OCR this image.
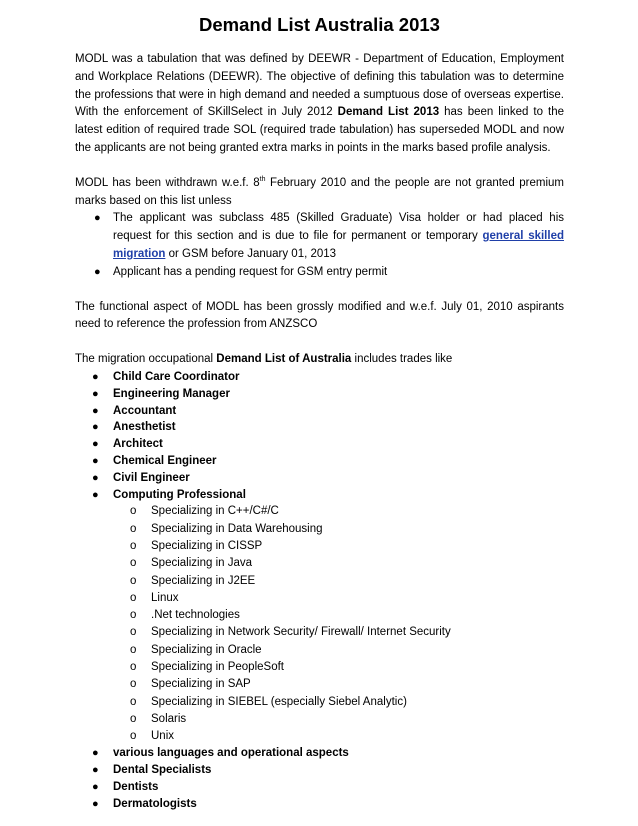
Demand List Australia 2013

MODL was a tabulation that was defined by DEEWR - Department of Education, Employment and Workplace Relations (DEEWR). The objective of defining this tabulation was to determine the professions that were in high demand and needed a sumptuous dose of overseas expertise. With the enforcement of SKillSelect in July 2012 Demand List 2013 has been linked to the latest edition of required trade SOL (required trade tabulation) has superseded MODL and now the applicants are not being granted extra marks in points in the marks based profile analysis.

MODL has been withdrawn w.e.f. 8th February 2010 and the people are not granted premium marks based on this list unless

● The applicant was subclass 485 (Skilled Graduate) Visa holder or had placed his request for this section and is due to file for permanent or temporary general skilled migration or GSM before January 01, 2013
● Applicant has a pending request for GSM entry permit

The functional aspect of MODL has been grossly modified and w.e.f. July 01, 2010 aspirants need to reference the profession from ANZSCO

The migration occupational Demand List of Australia includes trades like

● Child Care Coordinator
● Engineering Manager
● Accountant
● Anesthetist
● Architect
● Chemical Engineer
● Civil Engineer
● Computing Professional
o Specializing in C++/C#/C
o Specializing in Data Warehousing
o Specializing in CISSP
o Specializing in Java
o Specializing in J2EE
o Linux
o .Net technologies
o Specializing in Network Security/ Firewall/ Internet Security
o Specializing in Oracle
o Specializing in PeopleSoft
o Specializing in SAP
o Specializing in SIEBEL (especially Siebel Analytic)
o Solaris
o Unix
● various languages and operational aspects
● Dental Specialists
● Dentists
● Dermatologists
